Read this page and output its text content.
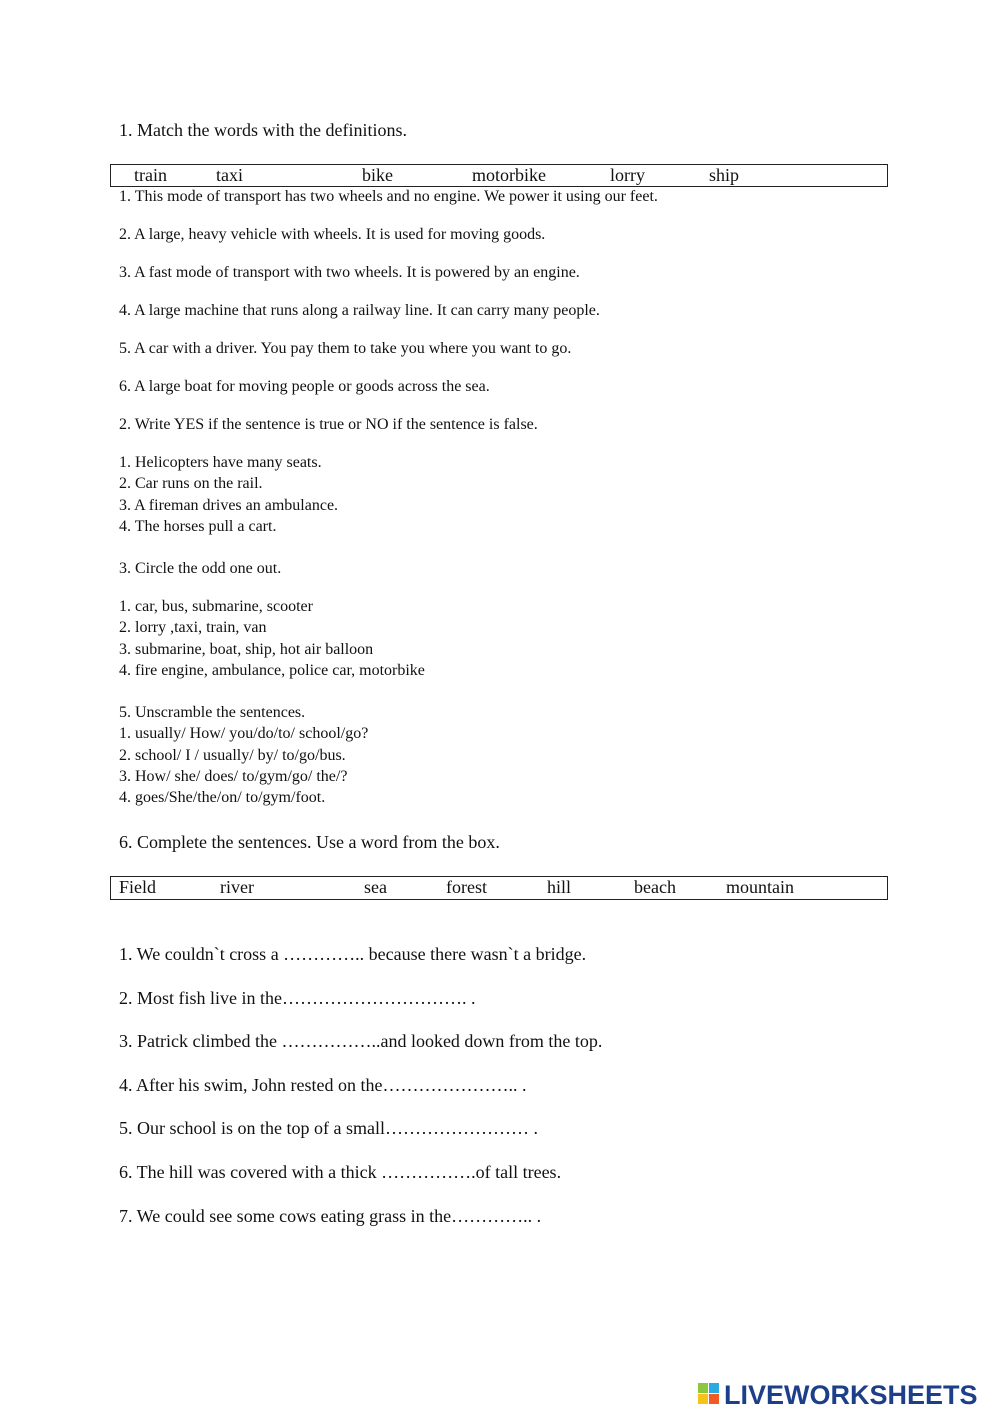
1. Match the words with the definitions.
train	taxi	bike	motorbike	lorry	ship
1. This mode of transport has two wheels and no engine. We power it using our feet.
2. A large, heavy vehicle with wheels. It is used for moving goods.
3. A fast mode of transport with two wheels. It is powered by an engine.
4. A large machine that runs along a railway line. It can carry many people.
5. A car with a driver. You pay them to take you where you want to go.
6. A large boat for moving people or goods across the sea.
2. Write YES if the sentence is true or NO if the sentence is false.
1. Helicopters have many seats.
2. Car runs on the rail.
3. A fireman drives an ambulance.
4. The horses pull a cart.
3. Circle the odd one out.
1. car, bus, submarine, scooter
2. lorry ,taxi, train, van
3. submarine, boat, ship, hot air balloon
4. fire engine, ambulance, police car, motorbike
5. Unscramble the sentences.
1. usually/ How/ you/do/to/ school/go?
2. school/ I / usually/ by/ to/go/bus.
3. How/ she/ does/ to/gym/go/ the/?
4. goes/She/the/on/ to/gym/foot.
6. Complete the sentences. Use a word from the box.
Field	river	sea	forest	hill	beach	mountain
1. We couldn`t cross a ………….. because there wasn`t a bridge.
2. Most fish live in the…………………………. .
3. Patrick climbed the ……………..and looked down from the top.
4. After his swim, John rested on the………………….. .
5. Our school is on the top of a small…………………… .
6. The hill was covered with a thick …………….of tall trees.
7. We could see some cows eating grass in the………….. .
LIVEWORKSHEETS
